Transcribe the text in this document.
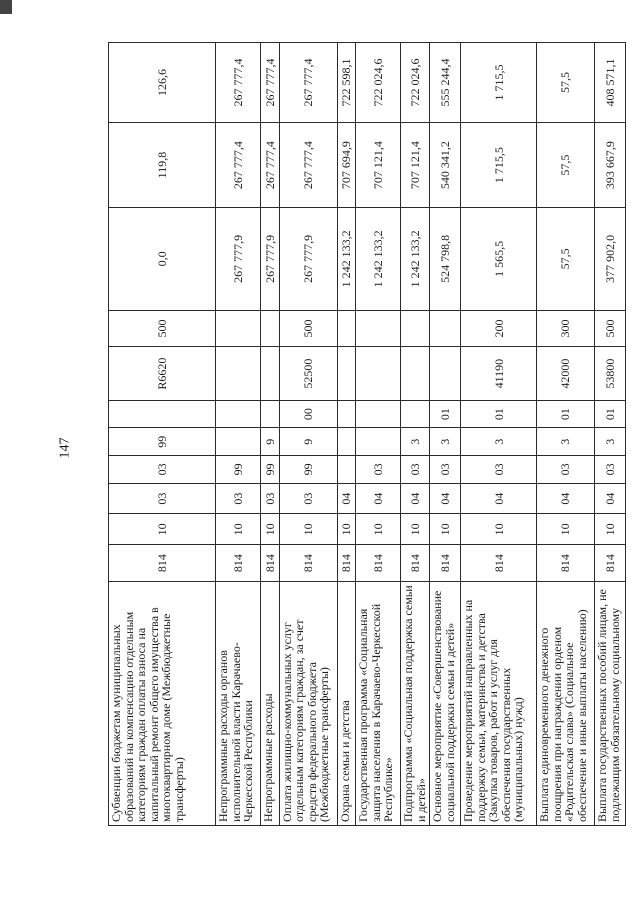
147
Субвенции бюджетам муниципальных образований на компенсацию отдельным категориям граждан оплаты взноса на капитальный ремонт общего имущества в многоквартирном доме (Межбюджетные трансферты)	814	10	03	03	99		R6620	500	0,0	119,8	126,6
Непрограммные расходы органов исполнительной власти Карачаево-Черкесской Республики	814	10	03	99					267 777,9	267 777,4	267 777,4
Непрограммные расходы	814	10	03	99	9				267 777,9	267 777,4	267 777,4
Оплата жилищно-коммунальных услуг отдельным категориям граждан, за счет средств федерального бюджета (Межбюджетные трансферты)	814	10	03	99	9	00	52500	500	267 777,9	267 777,4	267 777,4
Охрана семьи и детства	814	10	04						1 242 133,2	707 694,9	722 598,1
Государственная программа «Социальная защита населения в Карачаево-Черкесской Республике»	814	10	04	03					1 242 133,2	707 121,4	722 024,6
Подпрограмма «Социальная поддержка семьи и детей»	814	10	04	03	3				1 242 133,2	707 121,4	722 024,6
Основное мероприятие «Совершенствование социальной поддержки семьи и детей»	814	10	04	03	3	01			524 798,8	540 341,2	555 244,4
Проведение мероприятий направленных на поддержку семьи, материнства и детства (Закупка товаров, работ и услуг для обеспечения государственных (муниципальных) нужд)	814	10	04	03	3	01	41190	200	1 565,5	1 715,5	1 715,5
Выплата единовременного денежного поощрения при награждении орденом «Родительская слава» (Социальное обеспечение и иные выплаты населению)	814	10	04	03	3	01	42000	300	57,5	57,5	57,5
Выплата государственных пособий лицам, не подлежащим обязательному социальному	814	10	04	03	3	01	53800	500	377 902,0	393 667,9	408 571,1
